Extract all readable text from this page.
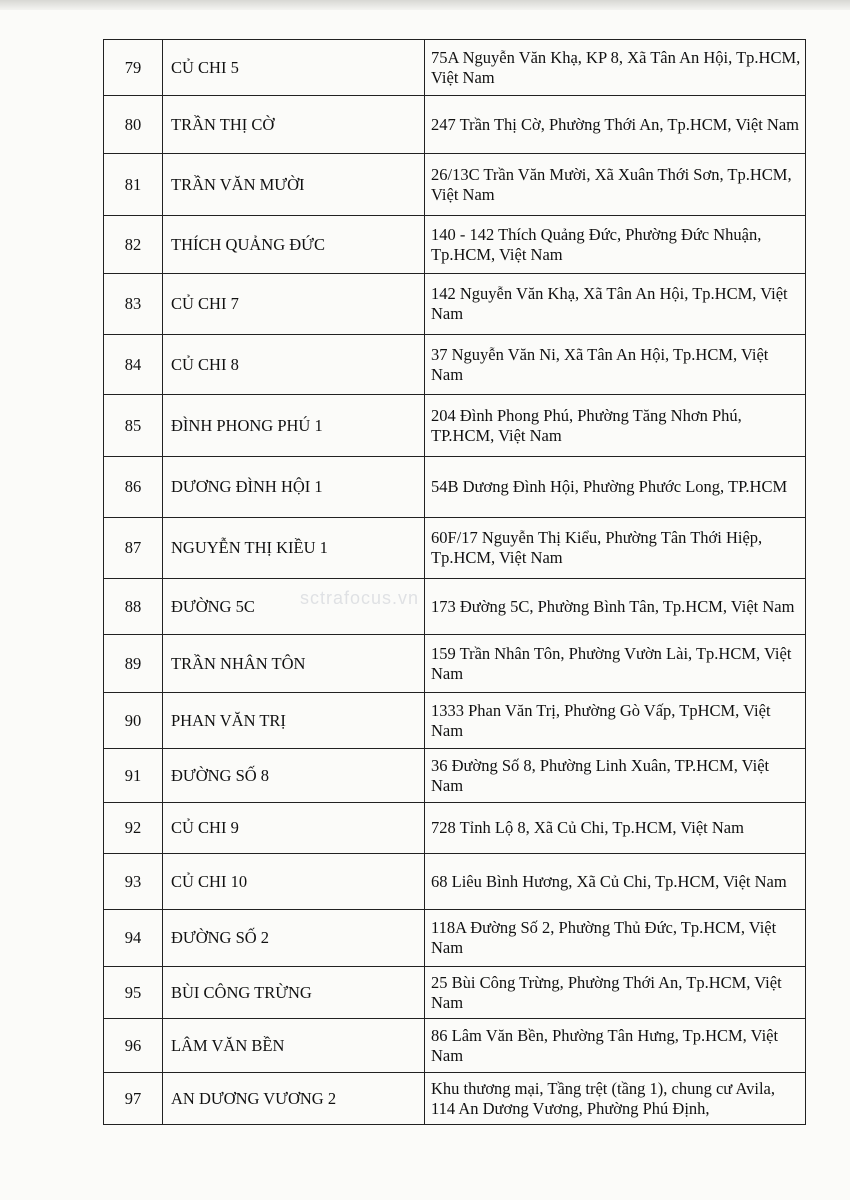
sctrafocus.vn
79	CỦ CHI 5	75A Nguyễn Văn Khạ, KP 8, Xã Tân An Hội, Tp.HCM, Việt Nam
80	TRẦN THỊ CỜ	247 Trần Thị Cờ, Phường Thới An, Tp.HCM, Việt Nam
81	TRẦN VĂN MƯỜI	26/13C Trần Văn Mười, Xã Xuân Thới Sơn, Tp.HCM, Việt Nam
82	THÍCH QUẢNG ĐỨC	140 - 142 Thích Quảng Đức, Phường Đức Nhuận, Tp.HCM, Việt Nam
83	CỦ CHI 7	142 Nguyễn Văn Khạ, Xã Tân An Hội, Tp.HCM, Việt Nam
84	CỦ CHI 8	37 Nguyễn Văn Ni, Xã Tân An Hội, Tp.HCM, Việt Nam
85	ĐÌNH PHONG PHÚ 1	204 Đình Phong Phú, Phường Tăng Nhơn Phú, TP.HCM, Việt Nam
86	DƯƠNG ĐÌNH HỘI 1	54B Dương Đình Hội, Phường Phước Long, TP.HCM
87	NGUYỄN THỊ KIỀU 1	60F/17 Nguyễn Thị Kiểu, Phường Tân Thới Hiệp, Tp.HCM, Việt Nam
88	ĐƯỜNG 5C	173 Đường 5C, Phường Bình Tân, Tp.HCM, Việt Nam
89	TRẦN NHÂN TÔN	159 Trần Nhân Tôn, Phường Vườn Lài, Tp.HCM, Việt Nam
90	PHAN VĂN TRỊ	1333 Phan Văn Trị, Phường Gò Vấp, TpHCM, Việt Nam
91	ĐƯỜNG SỐ 8	36 Đường Số 8, Phường Linh Xuân, TP.HCM, Việt Nam
92	CỦ CHI 9	728 Tỉnh Lộ 8, Xã Củ Chi, Tp.HCM, Việt Nam
93	CỦ CHI 10	68 Liêu Bình Hương, Xã Củ Chi, Tp.HCM, Việt Nam
94	ĐƯỜNG SỐ 2	118A Đường Số 2, Phường Thủ Đức, Tp.HCM, Việt Nam
95	BÙI CÔNG TRỪNG	25 Bùi Công Trừng, Phường Thới An, Tp.HCM, Việt Nam
96	LÂM VĂN BỀN	86 Lâm Văn Bền, Phường Tân Hưng, Tp.HCM, Việt Nam
97	AN DƯƠNG VƯƠNG 2	Khu thương mại, Tầng trệt (tầng 1), chung cư Avila, 114 An Dương Vương, Phường Phú Định,
